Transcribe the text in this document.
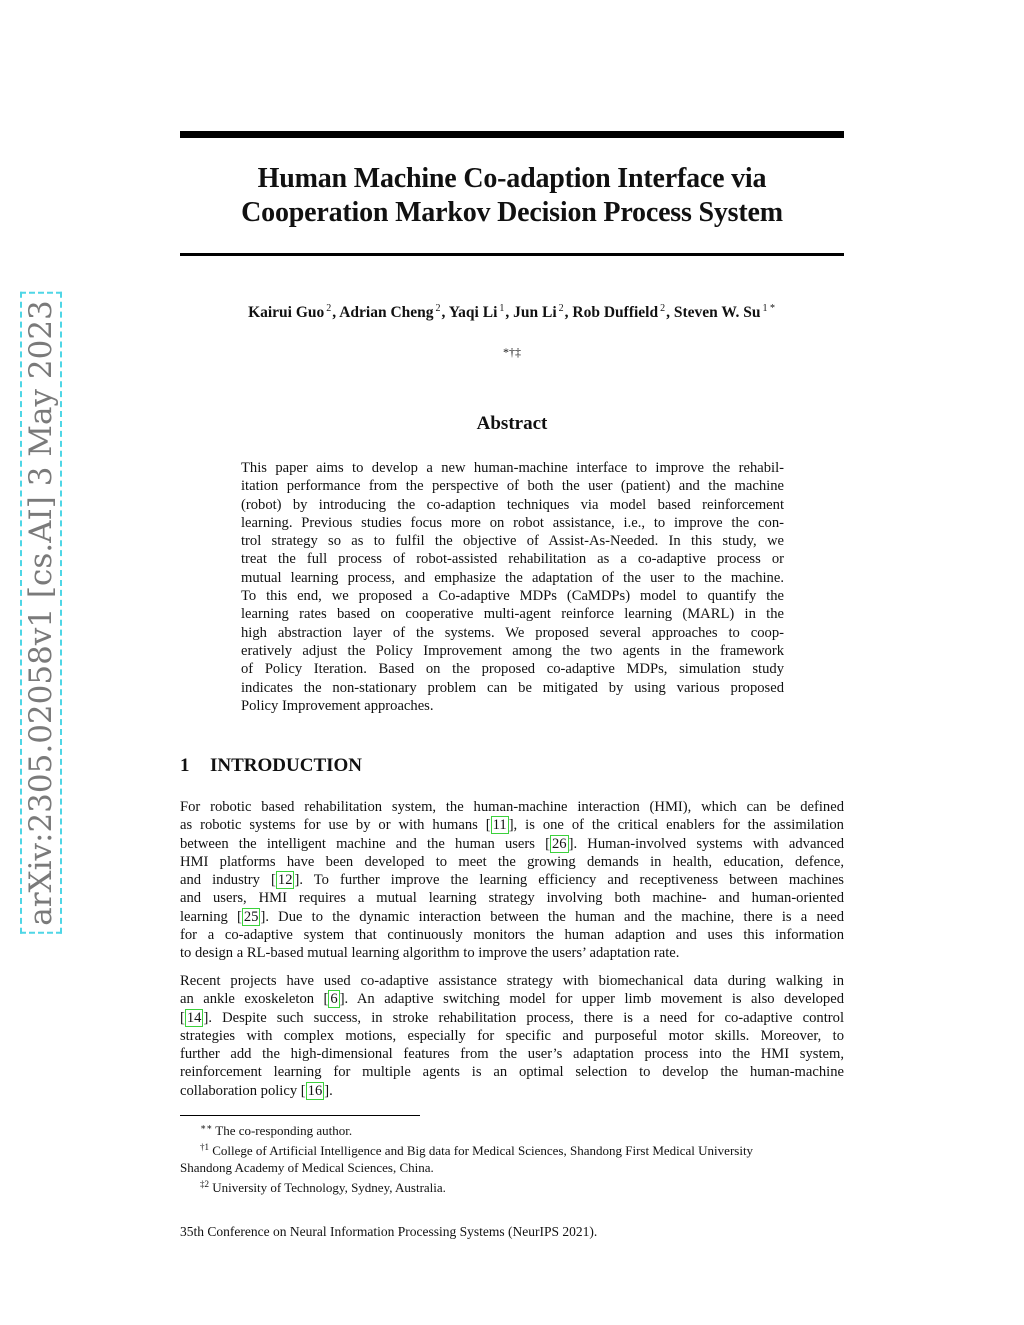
arXiv:2305.02058v1 [cs.AI] 3 May 2023
Human Machine Co-adaption Interface via
Cooperation Markov Decision Process System
Kairui Guo $^2$, Adrian Cheng $^2$, Yaqi Li $^1$, Jun Li $^2$, Rob Duffield $^2$, Steven W. Su $^{1 *}$
*†‡
Abstract
This paper aims to develop a new human-machine interface to improve the rehabil-
itation performance from the perspective of both the user (patient) and the machine
(robot) by introducing the co-adaption techniques via model based reinforcement
learning. Previous studies focus more on robot assistance, i.e., to improve the con-
trol strategy so as to fulfil the objective of Assist-As-Needed. In this study, we
treat the full process of robot-assisted rehabilitation as a co-adaptive process or
mutual learning process, and emphasize the adaptation of the user to the machine.
To this end, we proposed a Co-adaptive MDPs (CaMDPs) model to quantify the
learning rates based on cooperative multi-agent reinforce learning (MARL) in the
high abstraction layer of the systems. We proposed several approaches to coop-
eratively adjust the Policy Improvement among the two agents in the framework
of Policy Iteration. Based on the proposed co-adaptive MDPs, simulation study
indicates the non-stationary problem can be mitigated by using various proposed
Policy Improvement approaches.
1 INTRODUCTION
For robotic based rehabilitation system, the human-machine interaction (HMI), which can be defined
as robotic systems for use by or with humans [ 11 ], is one of the critical enablers for the assimilation
between the intelligent machine and the human users [ 26 ]. Human-involved systems with advanced
HMI platforms have been developed to meet the growing demands in health, education, defence,
and industry [ 12 ]. To further improve the learning efficiency and receptiveness between machines
and users, HMI requires a mutual learning strategy involving both machine- and human-oriented
learning [ 25 ]. Due to the dynamic interaction between the human and the machine, there is a need
for a co-adaptive system that continuously monitors the human adaption and uses this information
to design a RL-based mutual learning algorithm to improve the users’ adaptation rate.
Recent projects have used co-adaptive assistance strategy with biomechanical data during walking in
an ankle exoskeleton [ 6 ]. An adaptive switching model for upper limb movement is also developed
[ 14 ]. Despite such success, in stroke rehabilitation process, there is a need for co-adaptive control
strategies with complex motions, especially for specific and purposeful motor skills. Moreover, to
further add the high-dimensional features from the user’s adaptation process into the HMI system,
reinforcement learning for multiple agents is an optimal selection to develop the human-machine
collaboration policy [ 16 ].
∗∗ The co-responding author.
$^{\dagger 1}$ College of Artificial Intelligence and Big data for Medical Sciences, Shandong First Medical University
Shandong Academy of Medical Sciences, China.
$^{\ddagger 2}$ University of Technology, Sydney, Australia.
35th Conference on Neural Information Processing Systems (NeurIPS 2021).
